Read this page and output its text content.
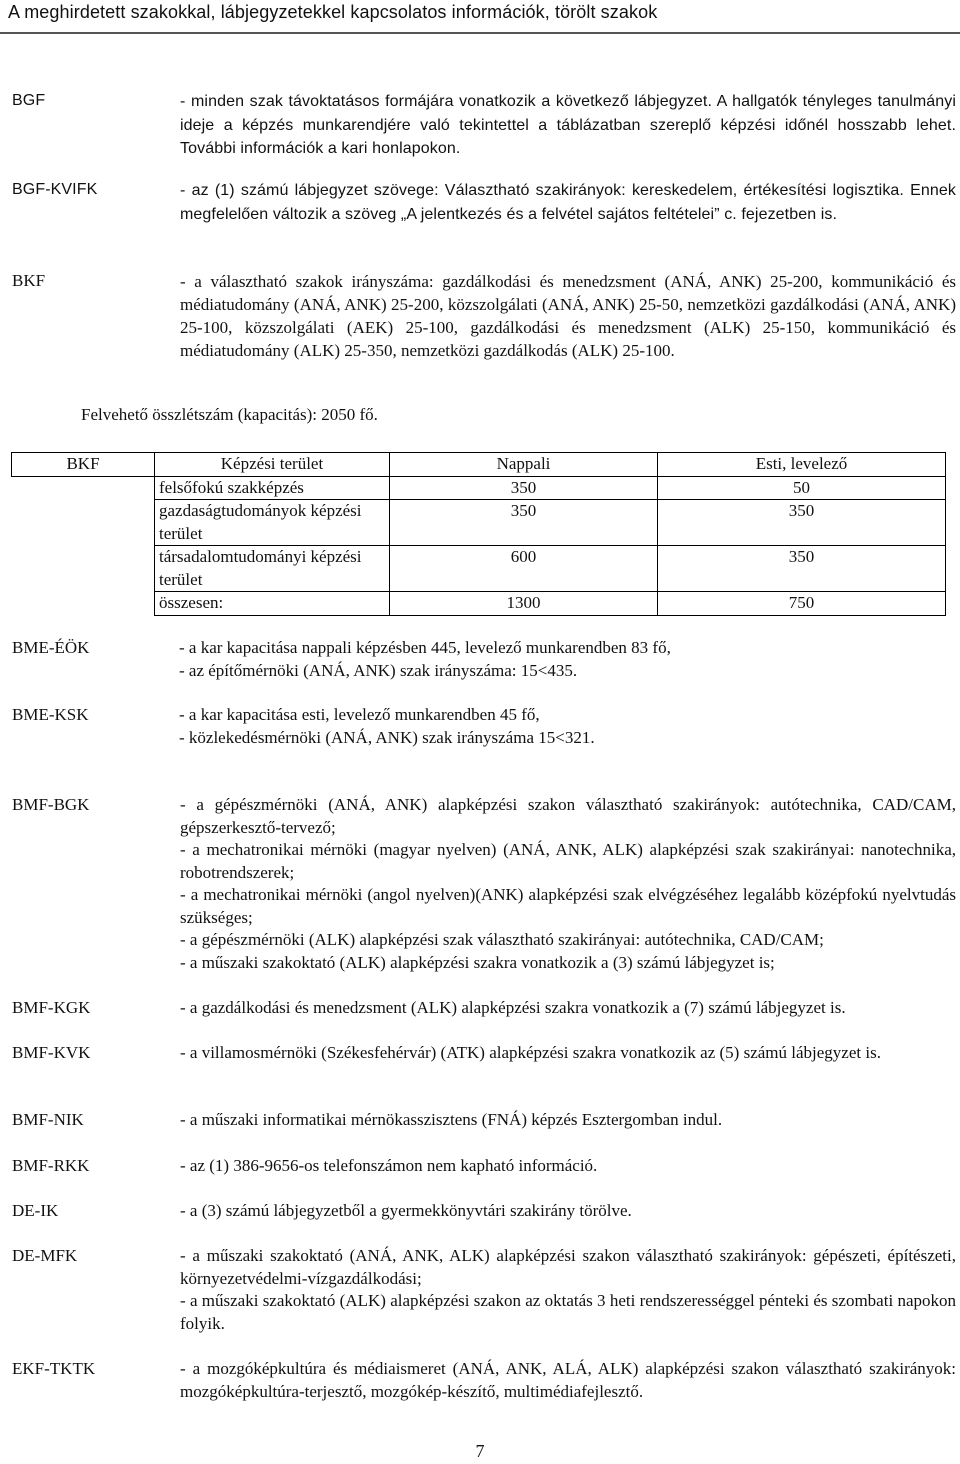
A meghirdetett szakokkal, lábjegyzetekkel kapcsolatos információk, törölt szakok
BGF	- minden szak távoktatásos formájára vonatkozik a következő lábjegyzet. A hallgatók tényleges tanulmányi ideje a képzés munkarendjére való tekintettel a táblázatban szereplő képzési időnél hosszabb lehet. További információk a kari honlapokon.
BGF-KVIFK	- az (1) számú lábjegyzet szövege: Választható szakirányok: kereskedelem, értékesítési logisztika. Ennek megfelelően változik a szöveg „A jelentkezés és a felvétel sajátos feltételei” c. fejezetben is.
BKF	- a választható szakok irányszáma: gazdálkodási és menedzsment (ANÁ, ANK) 25-200, kommunikáció és médiatudomány (ANÁ, ANK) 25-200, közszolgálati (ANÁ, ANK) 25-50, nemzetközi gazdálkodási (ANÁ, ANK) 25-100, közszolgálati (AEK) 25-100, gazdálkodási és menedzsment (ALK) 25-150, kommunikáció és médiatudomány (ALK) 25-350, nemzetközi gazdálkodás (ALK) 25-100.
Felvehető összlétszám (kapacitás): 2050 fő.
BKF	Képzési terület	Nappali	Esti, levelező
	felsőfokú szakképzés	350	50
	gazdaságtudományok képzési terület	350	350
	társadalomtudományi képzési terület	600	350
	összesen:	1300	750
BME-ÉÖK	- a kar kapacitása nappali képzésben 445, levelező munkarendben 83 fő,
- az építőmérnöki (ANÁ, ANK) szak irányszáma: 15<435.
BME-KSK	- a kar kapacitása esti, levelező munkarendben 45 fő,
- közlekedésmérnöki (ANÁ, ANK) szak irányszáma 15<321.
BMF-BGK	- a gépészmérnöki (ANÁ, ANK) alapképzési szakon választható szakirányok: autótechnika, CAD/CAM, gépszerkesztő-tervező;
- a mechatronikai mérnöki (magyar nyelven) (ANÁ, ANK, ALK) alapképzési szak szakirányai: nanotechnika, robotrendszerek;
- a mechatronikai mérnöki (angol nyelven)(ANK) alapképzési szak elvégzéséhez legalább középfokú nyelvtudás szükséges;
- a gépészmérnöki (ALK) alapképzési szak választható szakirányai: autótechnika, CAD/CAM;
- a műszaki szakoktató (ALK) alapképzési szakra vonatkozik a (3) számú lábjegyzet is;
BMF-KGK	- a gazdálkodási és menedzsment (ALK) alapképzési szakra vonatkozik a (7) számú lábjegyzet is.
BMF-KVK	- a villamosmérnöki (Székesfehérvár) (ATK) alapképzési szakra vonatkozik az (5) számú lábjegyzet is.
BMF-NIK	- a műszaki informatikai mérnökasszisztens (FNÁ) képzés Esztergomban indul.
BMF-RKK	- az (1) 386-9656-os telefonszámon nem kapható információ.
DE-IK	- a (3) számú lábjegyzetből a gyermekkönyvtári szakirány törölve.
DE-MFK	- a műszaki szakoktató (ANÁ, ANK, ALK) alapképzési szakon választható szakirányok: gépészeti, építészeti, környezetvédelmi-vízgazdálkodási;
- a műszaki szakoktató (ALK) alapképzési szakon az oktatás 3 heti rendszerességgel pénteki és szombati napokon folyik.
EKF-TKTK	- a mozgóképkultúra és médiaismeret (ANÁ, ANK, ALÁ, ALK) alapképzési szakon választható szakirányok: mozgóképkultúra-terjesztő, mozgókép-készítő, multimédiafejlesztő.
7
